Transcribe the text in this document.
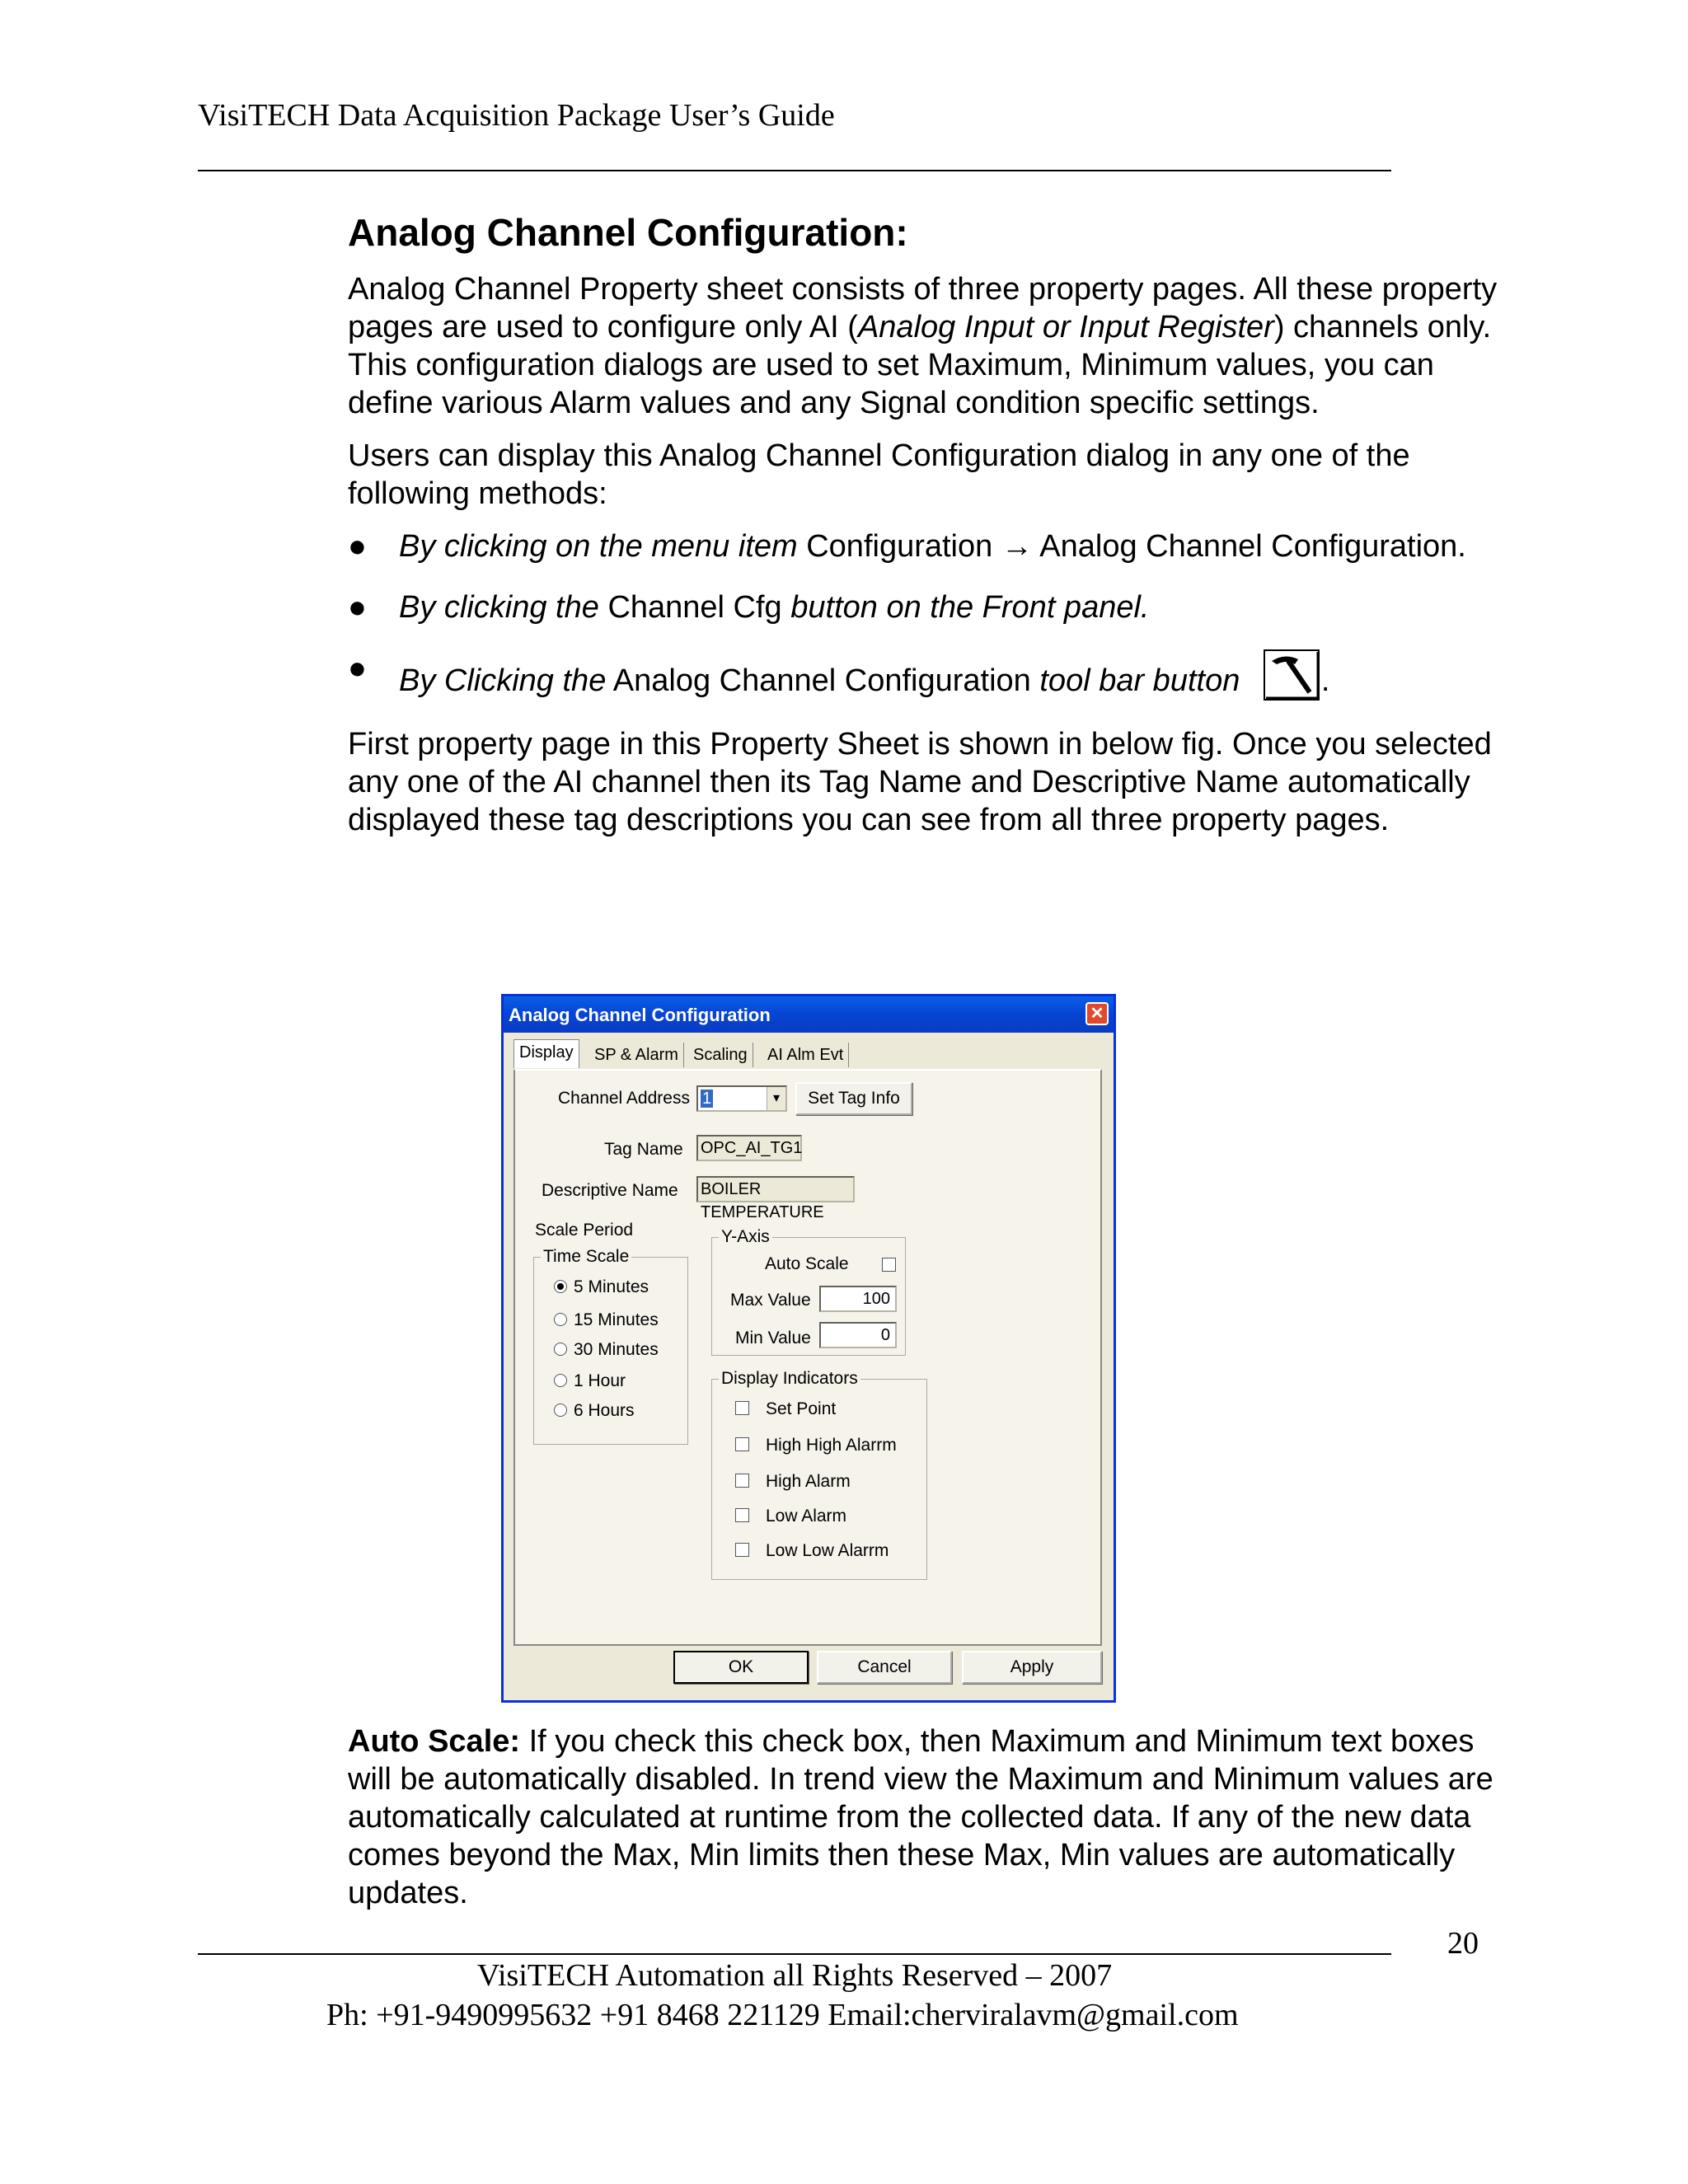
VisiTECH Data Acquisition Package User’s Guide
Analog Channel Configuration:

Analog Channel Property sheet consists of three property pages. All these property pages are used to configure only AI (Analog Input or Input Register) channels only. This configuration dialogs are used to set Maximum, Minimum values, you can define various Alarm values and any Signal condition specific settings.

Users can display this Analog Channel Configuration dialog in any one of the following methods:

● By clicking on the menu item Configuration → Analog Channel Configuration.
● By clicking the Channel Cfg button on the Front panel.
● By Clicking the Analog Channel Configuration tool bar button	.

First property page in this Property Sheet is shown in below fig. Once you selected any one of the AI channel then its Tag Name and Descriptive Name automatically displayed these tag descriptions you can see from all three property pages.

Analog Channel Configuration	✕
Display	SP & Alarm Scaling	AI Alm Evt
Channel Address 1	▾	Set Tag Info
Tag Name OPC_AI_TG1
Descriptive Name BOILER TEMPERATURE
Scale Period
Time Scale
5 Minutes
15 Minutes
30 Minutes
1 Hour
6 Hours
Y-Axis
Auto Scale
Max Value	100
Min Value	0
Display Indicators
Set Point
High High Alarrm
High Alarm
Low Alarm
Low Low Alarrm
OK	Cancel	Apply
Auto Scale: If you check this check box, then Maximum and Minimum text boxes will be automatically disabled. In trend view the Maximum and Minimum values are automatically calculated at runtime from the collected data. If any of the new data comes beyond the Max, Min limits then these Max, Min values are automatically updates.
20
VisiTECH Automation all Rights Reserved – 2007
Ph: +91-9490995632 +91 8468 221129 Email:cherviralavm@gmail.com
